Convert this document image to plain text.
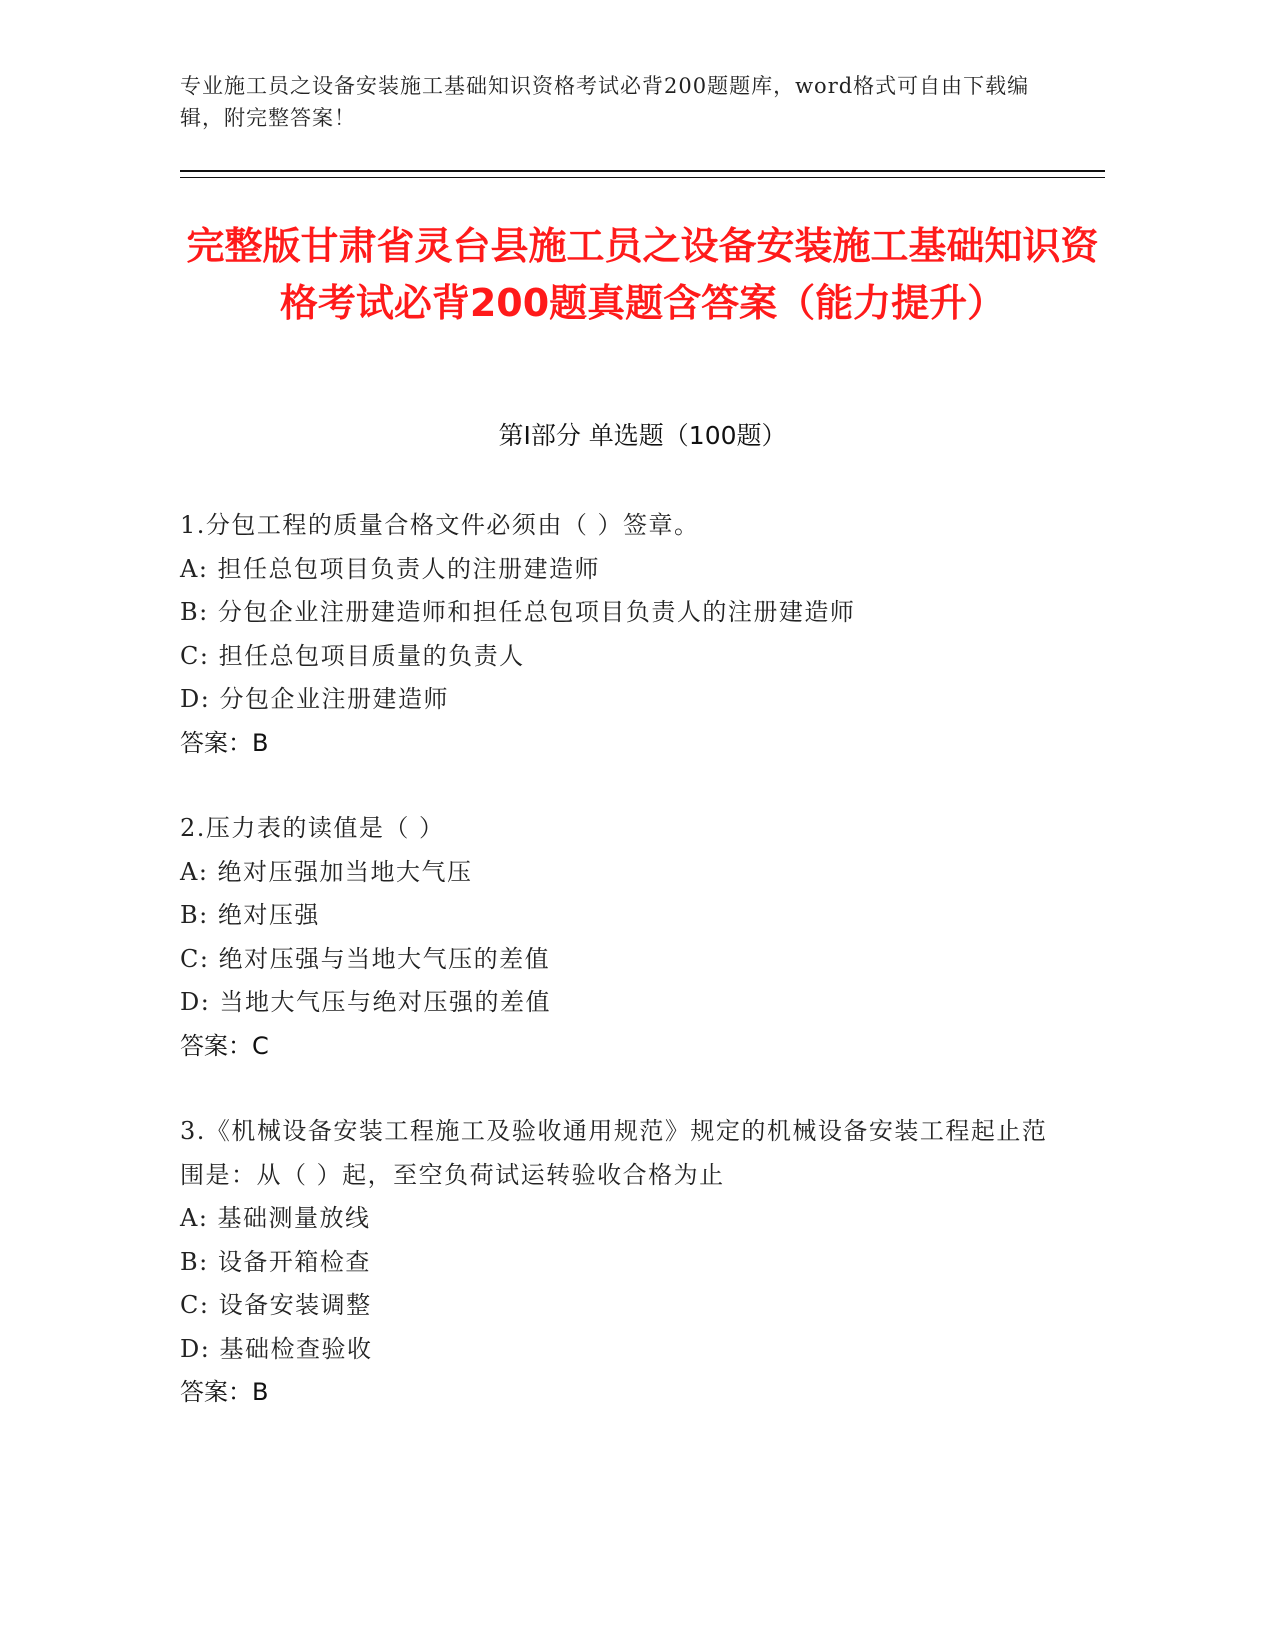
专业施工员之设备安装施工基础知识资格考试必背200题题库，word格式可自由下载编辑，附完整答案！
完整版甘肃省灵台县施工员之设备安装施工基础知识资格考试必背200题真题含答案（能力提升）
第I部分 单选题（100题）
1.分包工程的质量合格文件必须由（ ）签章。
A: 担任总包项目负责人的注册建造师
B: 分包企业注册建造师和担任总包项目负责人的注册建造师
C: 担任总包项目质量的负责人
D: 分包企业注册建造师
答案：B
2.压力表的读值是（ ）
A: 绝对压强加当地大气压
B: 绝对压强
C: 绝对压强与当地大气压的差值
D: 当地大气压与绝对压强的差值
答案：C
3.《机械设备安装工程施工及验收通用规范》规定的机械设备安装工程起止范围是：从（ ）起，至空负荷试运转验收合格为止
A: 基础测量放线
B: 设备开箱检查
C: 设备安装调整
D: 基础检查验收
答案：B
